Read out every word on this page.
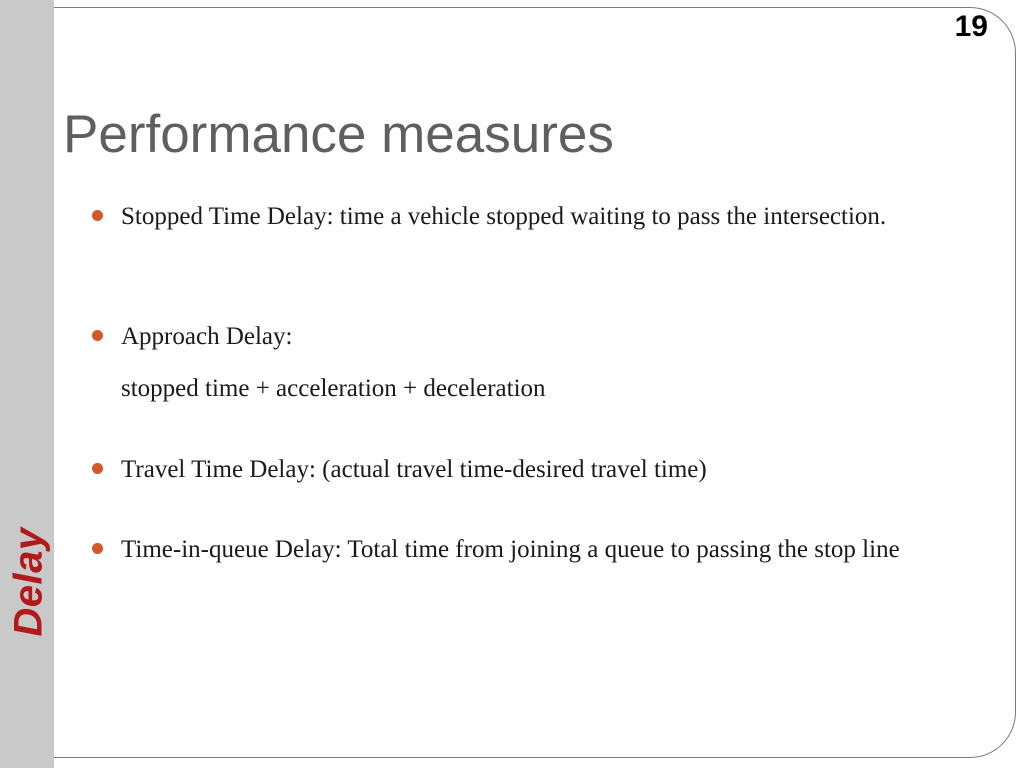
Delay
19
Performance measures
Stopped Time Delay: time a vehicle stopped waiting to pass the intersection.
Approach Delay:
stopped time + acceleration + deceleration
Travel Time Delay: (actual travel time-desired travel time)
Time-in-queue Delay: Total time from joining a queue to passing the stop line
